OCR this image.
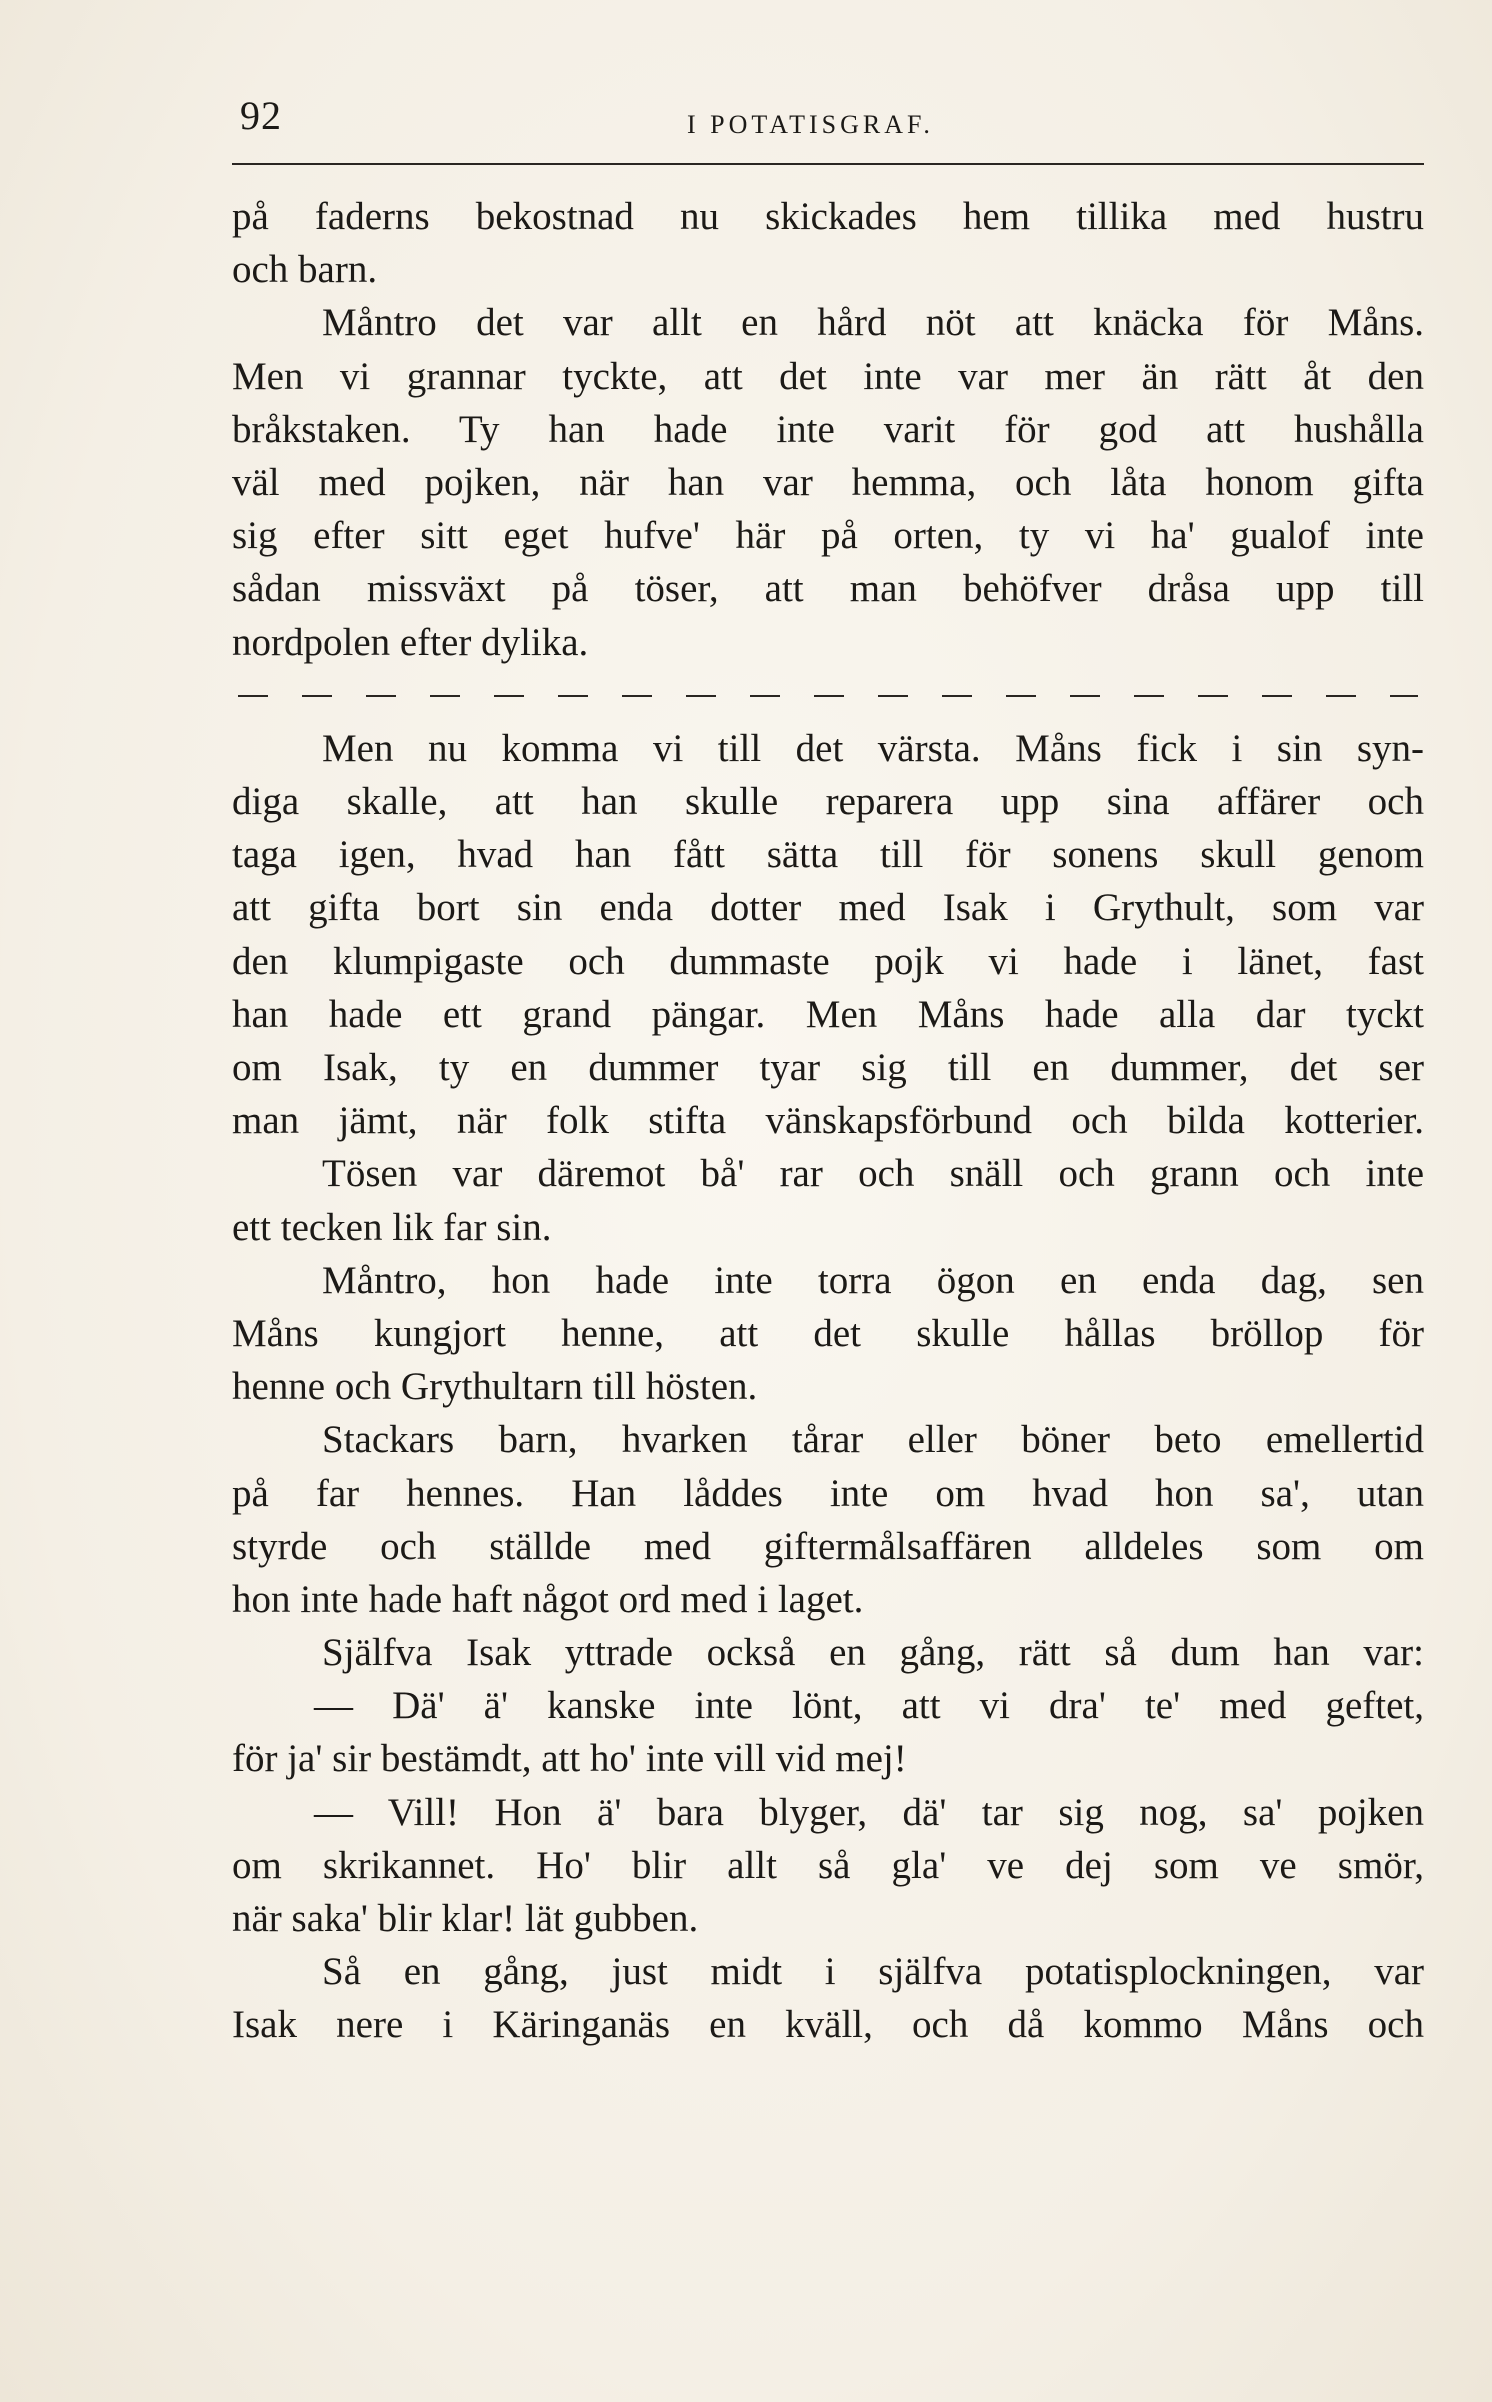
92	I POTATISGRAF.
på faderns bekostnad nu skickades hem tillika med hustru
och barn.
Måntro det var allt en hård nöt att knäcka för Måns.
Men vi grannar tyckte, att det inte var mer än rätt åt den
bråkstaken. Ty han hade inte varit för god att hushålla
väl med pojken, när han var hemma, och låta honom gifta
sig efter sitt eget hufve' här på orten, ty vi ha' gualof inte
sådan missväxt på töser, att man behöfver dråsa upp till
nordpolen efter dylika.
Men nu komma vi till det värsta. Måns fick i sin syn-
diga skalle, att han skulle reparera upp sina affärer och
taga igen, hvad han fått sätta till för sonens skull genom
att gifta bort sin enda dotter med Isak i Grythult, som var
den klumpigaste och dummaste pojk vi hade i länet, fast
han hade ett grand pängar. Men Måns hade alla dar tyckt
om Isak, ty en dummer tyar sig till en dummer, det ser
man jämt, när folk stifta vänskapsförbund och bilda kotterier.
Tösen var däremot bå' rar och snäll och grann och inte
ett tecken lik far sin.
Måntro, hon hade inte torra ögon en enda dag, sen
Måns kungjort henne, att det skulle hållas bröllop för
henne och Grythultarn till hösten.
Stackars barn, hvarken tårar eller böner beto emellertid
på far hennes. Han låddes inte om hvad hon sa', utan
styrde och ställde med giftermålsaffären alldeles som om
hon inte hade haft något ord med i laget.
Själfva Isak yttrade också en gång, rätt så dum han var:
— Dä' ä' kanske inte lönt, att vi dra' te' med geftet,
för ja' sir bestämdt, att ho' inte vill vid mej!
— Vill! Hon ä' bara blyger, dä' tar sig nog, sa' pojken
om skrikannet. Ho' blir allt så gla' ve dej som ve smör,
när saka' blir klar! lät gubben.
Så en gång, just midt i själfva potatisplockningen, var
Isak nere i Käringanäs en kväll, och då kommo Måns och
